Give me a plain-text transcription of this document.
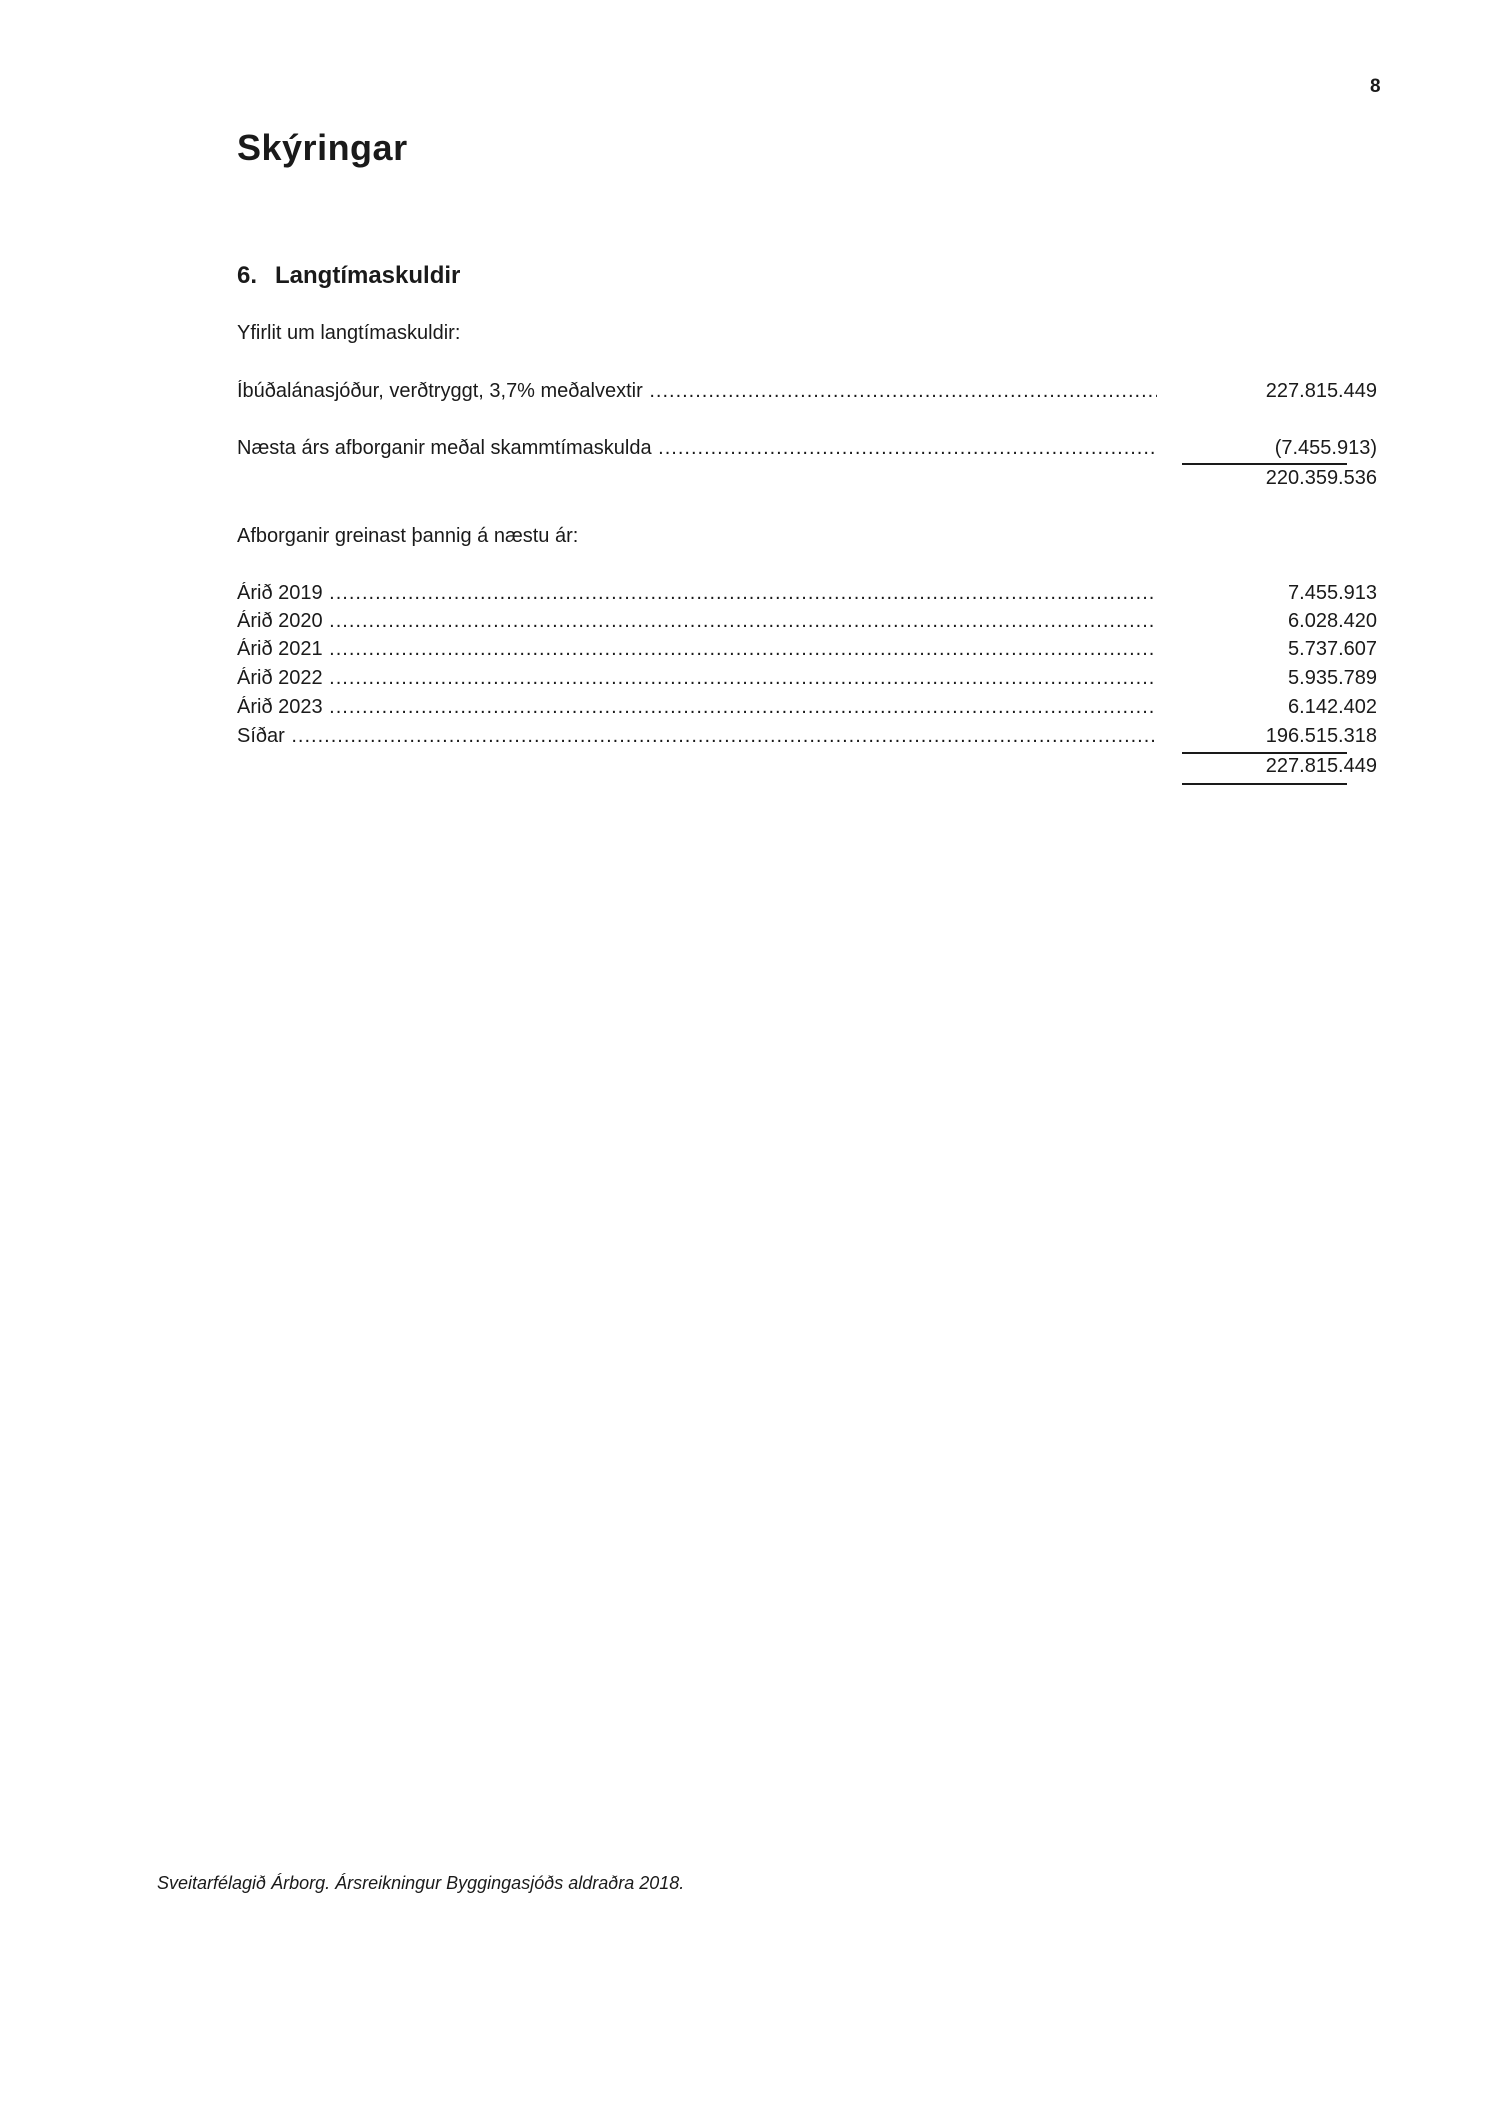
8
Skýringar
6. Langtímaskuldir
Yfirlit um langtímaskuldir:
Íbúðalánasjóður, verðtryggt, 3,7% meðalvextir .....	227.815.449
Næsta árs afborganir meðal skammtímaskulda .....	(7.455.913)
220.359.536
Afborganir greinast þannig á næstu ár:
Árið 2019 .....	7.455.913
Árið 2020 .....	6.028.420
Árið 2021 .....	5.737.607
Árið 2022 .....	5.935.789
Árið 2023 .....	6.142.402
Síðar .....	196.515.318
227.815.449
Sveitarfélagið Árborg. Ársreikningur Byggingasjóðs aldraðra 2018.
